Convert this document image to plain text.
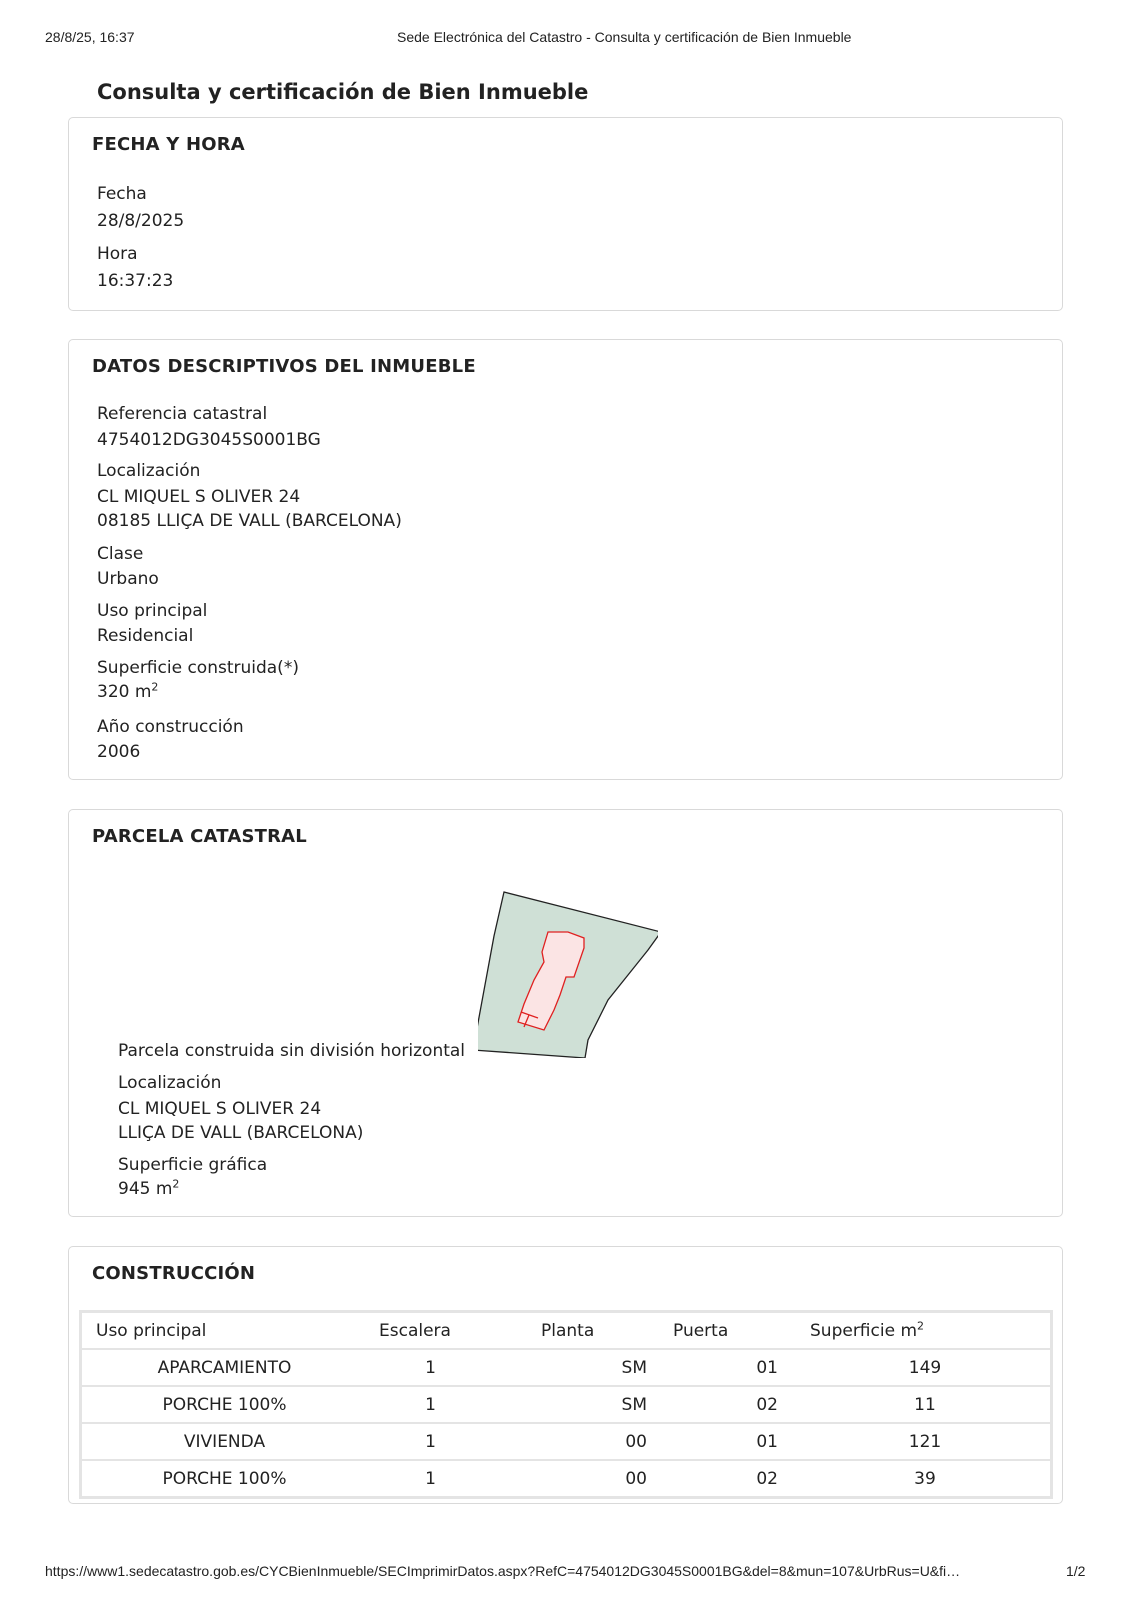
28/8/25, 16:37	Sede Electrónica del Catastro - Consulta y certificación de Bien Inmueble
Consulta y certificación de Bien Inmueble
FECHA Y HORA
Fecha
28/8/2025
Hora
16:37:23
DATOS DESCRIPTIVOS DEL INMUEBLE
Referencia catastral
4754012DG3045S0001BG
Localización
CL MIQUEL S OLIVER 24
08185 LLIÇA DE VALL (BARCELONA)
Clase
Urbano
Uso principal
Residencial
Superficie construida(*)
320 $m^2$
Año construcción
2006
PARCELA CATASTRAL
Parcela construida sin división horizontal
Localización
CL MIQUEL S OLIVER 24
LLIÇA DE VALL (BARCELONA)
Superficie gráfica
945 $m^2$
CONSTRUCCIÓN
Uso principal	Escalera	Planta	Puerta	Superficie $m^2$
APARCAMIENTO	1	SM	01	149
PORCHE 100%	1	SM	02	11
VIVIENDA	1	00	01	121
PORCHE 100%	1	00	02	39
https://www1.sedecatastro.gob.es/CYCBienInmueble/SECImprimirDatos.aspx?RefC=4754012DG3045S0001BG&del=8&mun=107&UrbRus=U&fi…	1/2
